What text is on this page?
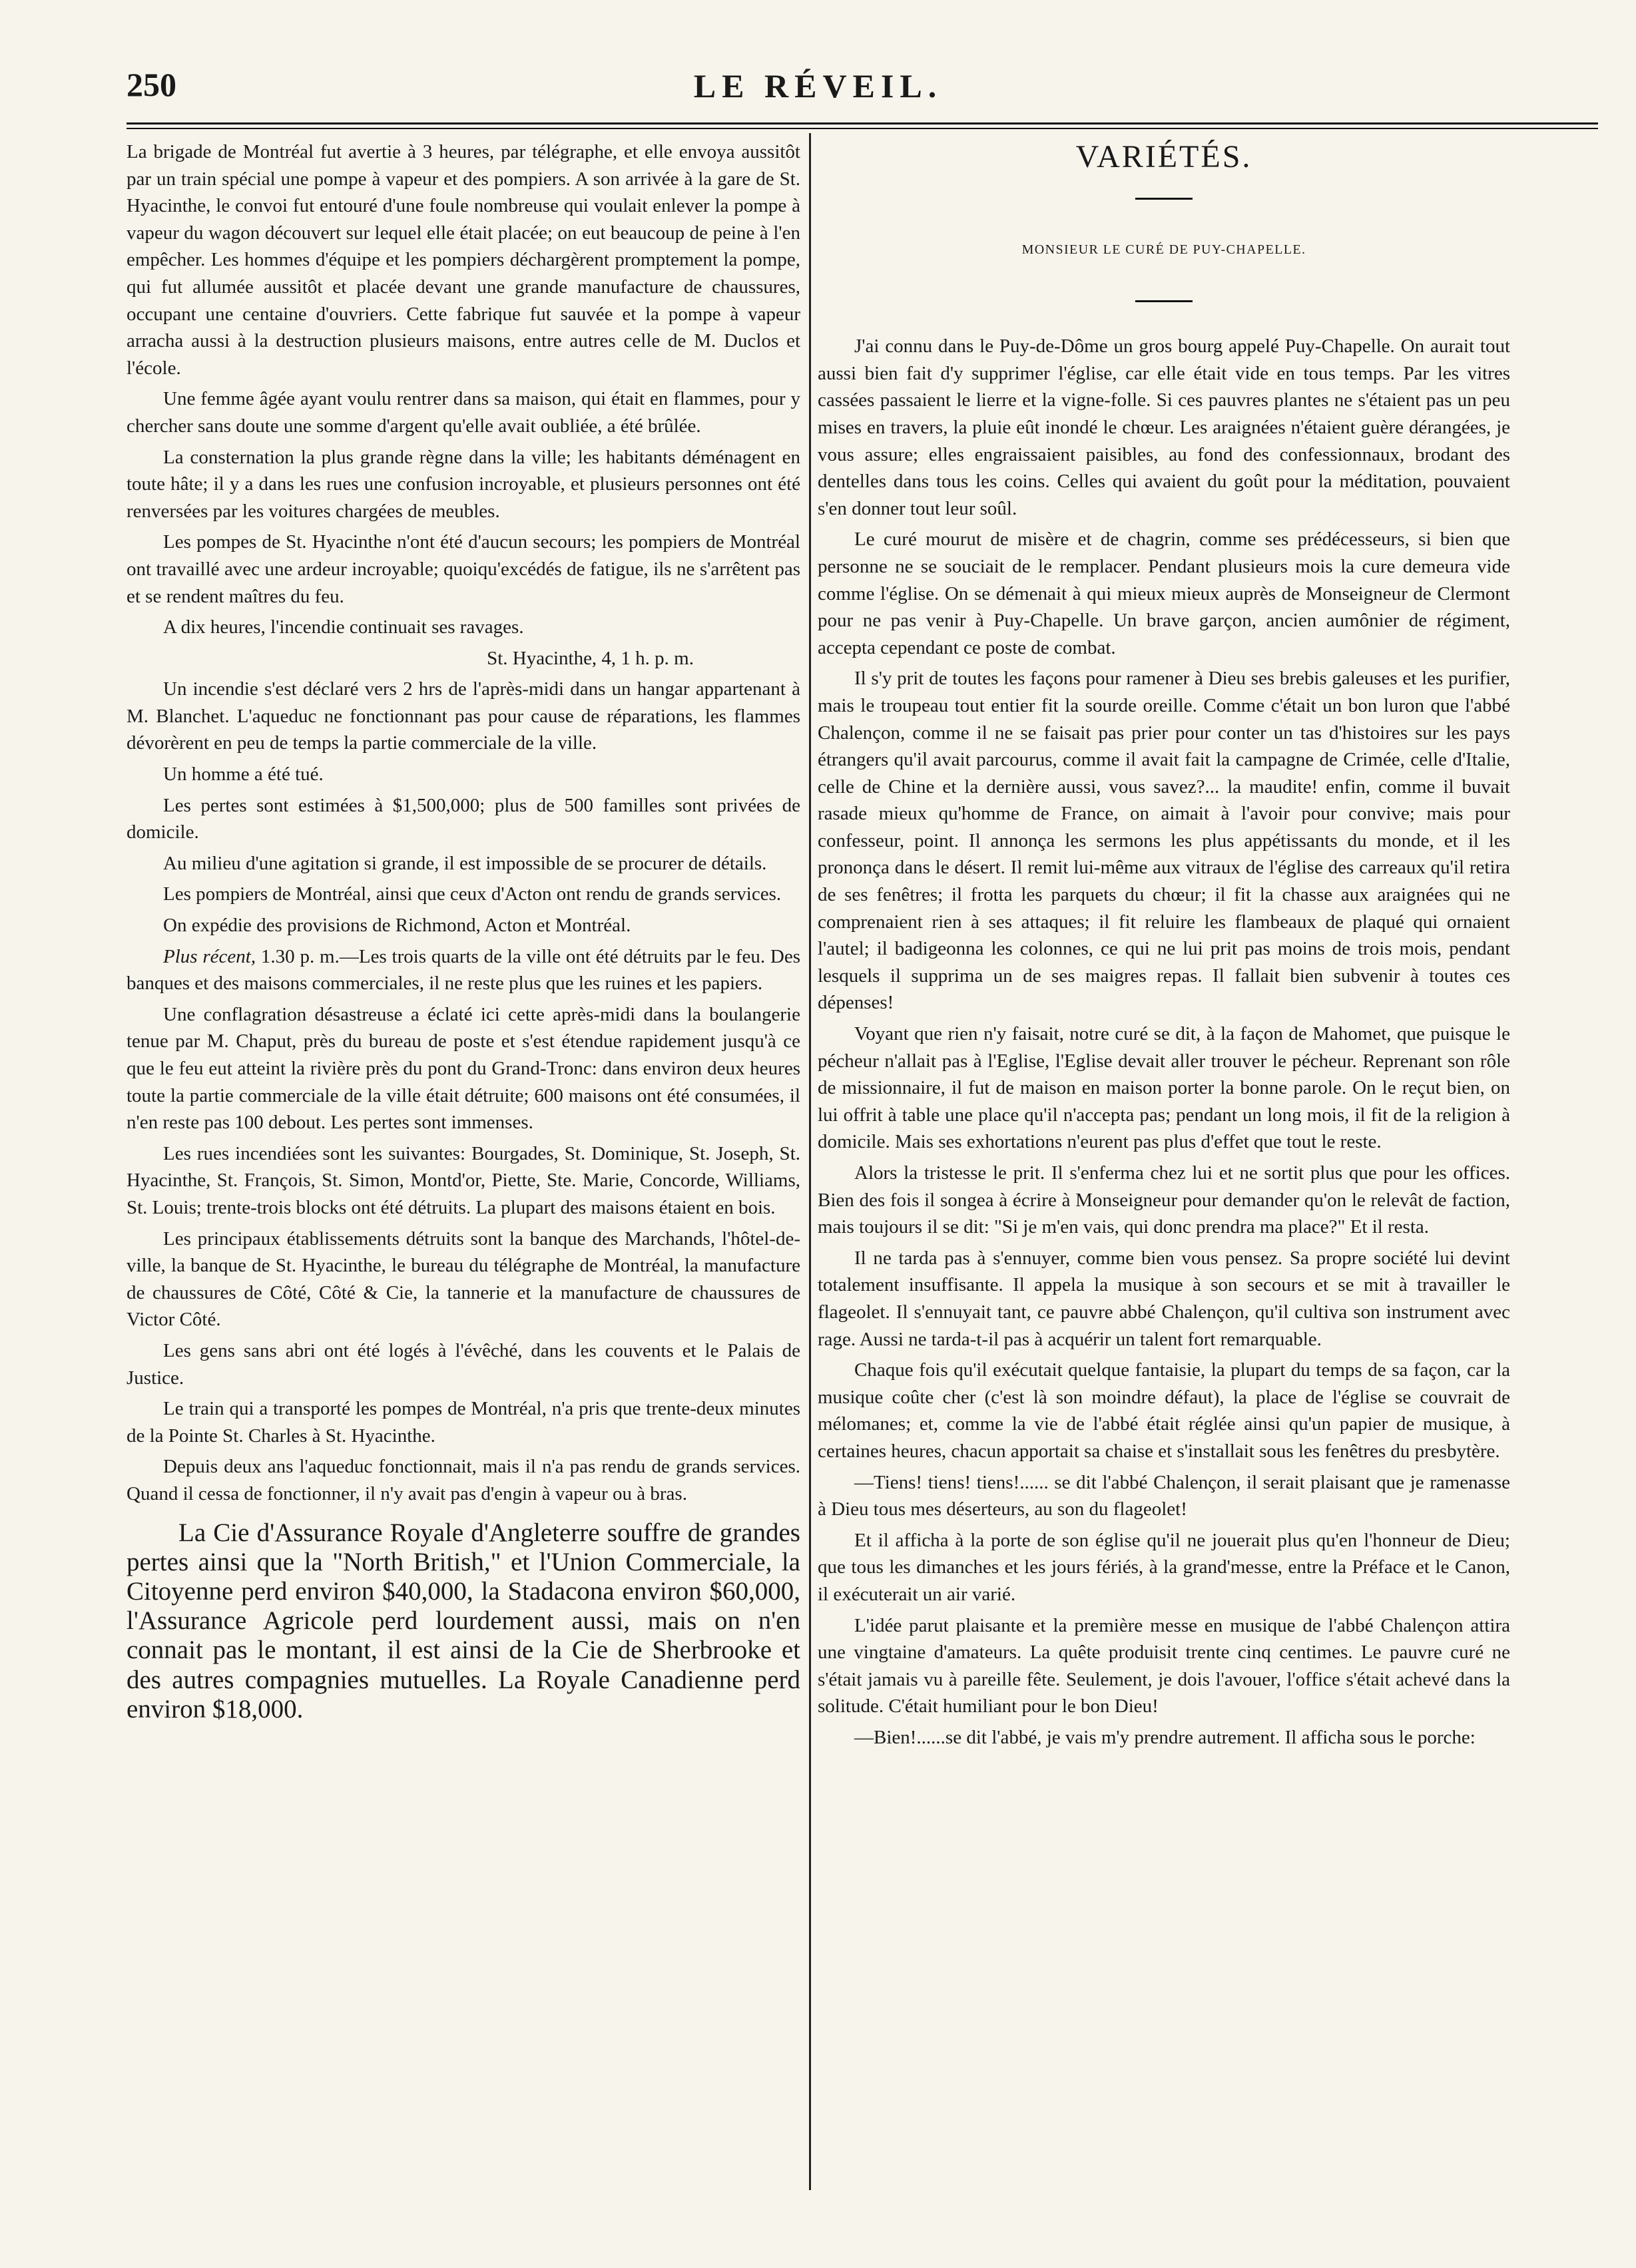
250	LE RÉVEIL.

La brigade de Montréal fut avertie à 3 heures, par télégraphe, et elle envoya aussitôt par un train spécial une pompe à vapeur et des pompiers. A son arrivée à la gare de St. Hyacinthe, le convoi fut entouré d'une foule nombreuse qui voulait enlever la pompe à vapeur du wagon découvert sur lequel elle était placée; on eut beaucoup de peine à l'en empêcher. Les hommes d'équipe et les pompiers déchargèrent promptement la pompe, qui fut allumée aussitôt et placée devant une grande manufacture de chaussures, occupant une centaine d'ouvriers. Cette fabrique fut sauvée et la pompe à vapeur arracha aussi à la destruction plusieurs maisons, entre autres celle de M. Duclos et l'école.

Une femme âgée ayant voulu rentrer dans sa maison, qui était en flammes, pour y chercher sans doute une somme d'argent qu'elle avait oubliée, a été brûlée.

La consternation la plus grande règne dans la ville; les habitants déménagent en toute hâte; il y a dans les rues une confusion incroyable, et plusieurs personnes ont été renversées par les voitures chargées de meubles.

Les pompes de St. Hyacinthe n'ont été d'aucun secours; les pompiers de Montréal ont travaillé avec une ardeur incroyable; quoiqu'excédés de fatigue, ils ne s'arrêtent pas et se rendent maîtres du feu.

A dix heures, l'incendie continuait ses ravages.

St. Hyacinthe, 4, 1 h. p. m.

Un incendie s'est déclaré vers 2 hrs de l'après-midi dans un hangar appartenant à M. Blanchet. L'aqueduc ne fonctionnant pas pour cause de réparations, les flammes dévorèrent en peu de temps la partie commerciale de la ville.

Un homme a été tué.

Les pertes sont estimées à $1,500,000; plus de 500 familles sont privées de domicile.

Au milieu d'une agitation si grande, il est impossible de se procurer de détails.

Les pompiers de Montréal, ainsi que ceux d'Acton ont rendu de grands services.

On expédie des provisions de Richmond, Acton et Montréal.

Plus récent, 1.30 p. m.—Les trois quarts de la ville ont été détruits par le feu. Des banques et des maisons commerciales, il ne reste plus que les ruines et les papiers.

Une conflagration désastreuse a éclaté ici cette après-midi dans la boulangerie tenue par M. Chaput, près du bureau de poste et s'est étendue rapidement jusqu'à ce que le feu eut atteint la rivière près du pont du Grand-Tronc: dans environ deux heures toute la partie commerciale de la ville était détruite; 600 maisons ont été consumées, il n'en reste pas 100 debout. Les pertes sont immenses.

Les rues incendiées sont les suivantes: Bourgades, St. Dominique, St. Joseph, St. Hyacinthe, St. François, St. Simon, Montd'or, Piette, Ste. Marie, Concorde, Williams, St. Louis; trente-trois blocks ont été détruits. La plupart des maisons étaient en bois.

Les principaux établissements détruits sont la banque des Marchands, l'hôtel-de-ville, la banque de St. Hyacinthe, le bureau du télégraphe de Montréal, la manufacture de chaussures de Côté, Côté & Cie, la tannerie et la manufacture de chaussures de Victor Côté.

Les gens sans abri ont été logés à l'évêché, dans les couvents et le Palais de Justice.

Le train qui a transporté les pompes de Montréal, n'a pris que trente-deux minutes de la Pointe St. Charles à St. Hyacinthe.

Depuis deux ans l'aqueduc fonctionnait, mais il n'a pas rendu de grands services. Quand il cessa de fonctionner, il n'y avait pas d'engin à vapeur ou à bras.

La Cie d'Assurance Royale d'Angleterre souffre de grandes pertes ainsi que la "North British," et l'Union Commerciale, la Citoyenne perd environ $40,000, la Stadacona environ $60,000, l'Assurance Agricole perd lourdement aussi, mais on n'en connait pas le montant, il est ainsi de la Cie de Sherbrooke et des autres compagnies mutuelles. La Royale Canadienne perd environ $18,000.

VARIÉTÉS.
MONSIEUR LE CURÉ DE PUY-CHAPELLE.

J'ai connu dans le Puy-de-Dôme un gros bourg appelé Puy-Chapelle. On aurait tout aussi bien fait d'y supprimer l'église, car elle était vide en tous temps. Par les vitres cassées passaient le lierre et la vigne-folle. Si ces pauvres plantes ne s'étaient pas un peu mises en travers, la pluie eût inondé le chœur. Les araignées n'étaient guère dérangées, je vous assure; elles engraissaient paisibles, au fond des confessionnaux, brodant des dentelles dans tous les coins. Celles qui avaient du goût pour la méditation, pouvaient s'en donner tout leur soûl.

Le curé mourut de misère et de chagrin, comme ses prédécesseurs, si bien que personne ne se souciait de le remplacer. Pendant plusieurs mois la cure demeura vide comme l'église. On se démenait à qui mieux mieux auprès de Monseigneur de Clermont pour ne pas venir à Puy-Chapelle. Un brave garçon, ancien aumônier de régiment, accepta cependant ce poste de combat.

Il s'y prit de toutes les façons pour ramener à Dieu ses brebis galeuses et les purifier, mais le troupeau tout entier fit la sourde oreille. Comme c'était un bon luron que l'abbé Chalençon, comme il ne se faisait pas prier pour conter un tas d'histoires sur les pays étrangers qu'il avait parcourus, comme il avait fait la campagne de Crimée, celle d'Italie, celle de Chine et la dernière aussi, vous savez?... la maudite! enfin, comme il buvait rasade mieux qu'homme de France, on aimait à l'avoir pour convive; mais pour confesseur, point. Il annonça les sermons les plus appétissants du monde, et il les prononça dans le désert. Il remit lui-même aux vitraux de l'église des carreaux qu'il retira de ses fenêtres; il frotta les parquets du chœur; il fit la chasse aux araignées qui ne comprenaient rien à ses attaques; il fit reluire les flambeaux de plaqué qui ornaient l'autel; il badigeonna les colonnes, ce qui ne lui prit pas moins de trois mois, pendant lesquels il supprima un de ses maigres repas. Il fallait bien subvenir à toutes ces dépenses!

Voyant que rien n'y faisait, notre curé se dit, à la façon de Mahomet, que puisque le pécheur n'allait pas à l'Eglise, l'Eglise devait aller trouver le pécheur. Reprenant son rôle de missionnaire, il fut de maison en maison porter la bonne parole. On le reçut bien, on lui offrit à table une place qu'il n'accepta pas; pendant un long mois, il fit de la religion à domicile. Mais ses exhortations n'eurent pas plus d'effet que tout le reste.

Alors la tristesse le prit. Il s'enferma chez lui et ne sortit plus que pour les offices. Bien des fois il songea à écrire à Monseigneur pour demander qu'on le relevât de faction, mais toujours il se dit: "Si je m'en vais, qui donc prendra ma place?" Et il resta.

Il ne tarda pas à s'ennuyer, comme bien vous pensez. Sa propre société lui devint totalement insuffisante. Il appela la musique à son secours et se mit à travailler le flageolet. Il s'ennuyait tant, ce pauvre abbé Chalençon, qu'il cultiva son instrument avec rage. Aussi ne tarda-t-il pas à acquérir un talent fort remarquable.

Chaque fois qu'il exécutait quelque fantaisie, la plupart du temps de sa façon, car la musique coûte cher (c'est là son moindre défaut), la place de l'église se couvrait de mélomanes; et, comme la vie de l'abbé était réglée ainsi qu'un papier de musique, à certaines heures, chacun apportait sa chaise et s'installait sous les fenêtres du presbytère.

—Tiens! tiens! tiens!...... se dit l'abbé Chalençon, il serait plaisant que je ramenasse à Dieu tous mes déserteurs, au son du flageolet!

Et il afficha à la porte de son église qu'il ne jouerait plus qu'en l'honneur de Dieu; que tous les dimanches et les jours fériés, à la grand'messe, entre la Préface et le Canon, il exécuterait un air varié.

L'idée parut plaisante et la première messe en musique de l'abbé Chalençon attira une vingtaine d'amateurs. La quête produisit trente cinq centimes. Le pauvre curé ne s'était jamais vu à pareille fête. Seulement, je dois l'avouer, l'office s'était achevé dans la solitude. C'était humiliant pour le bon Dieu!

—Bien!......se dit l'abbé, je vais m'y prendre autrement. Il afficha sous le porche:
